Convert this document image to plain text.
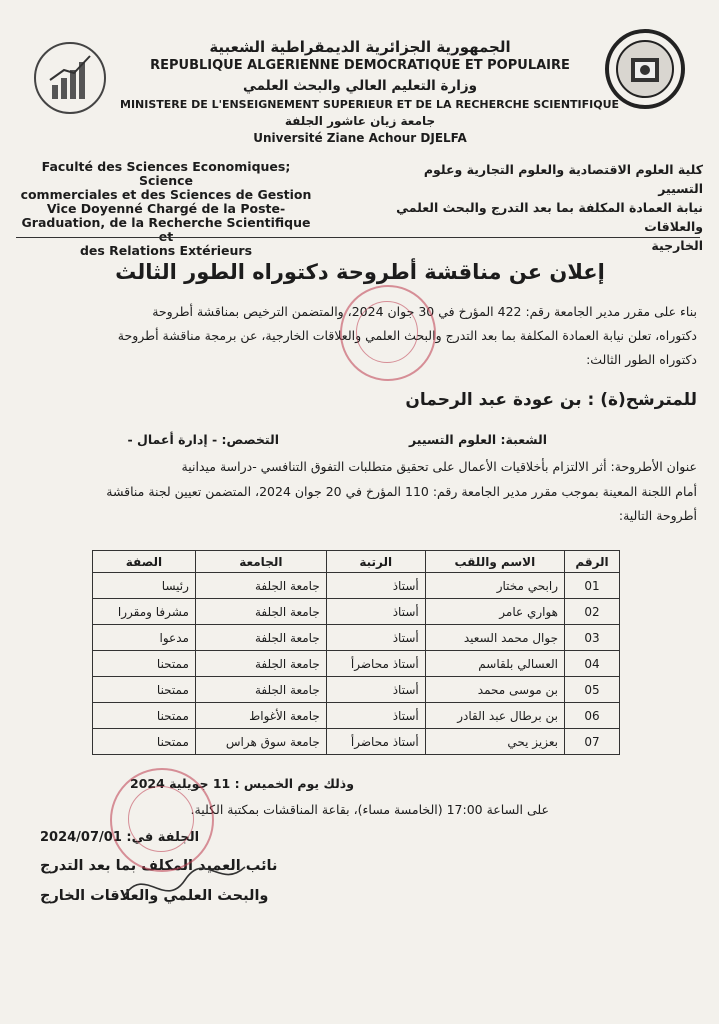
الجمهورية الجزائرية الديمقراطية الشعبية
REPUBLIQUE ALGERIENNE DEMOCRATIQUE ET POPULAIRE
وزارة التعليم العالي والبحث العلمي
MINISTERE DE L'ENSEIGNEMENT SUPERIEUR ET DE LA RECHERCHE SCIENTIFIQUE
جامعة زيان عاشور الجلفة
Université Ziane Achour DJELFA
Faculté des Sciences Economiques; Science
commerciales et des Sciences de Gestion
Vice Doyenné Chargé de la Poste-
Graduation, de la Recherche Scientifique et
des Relations Extérieurs
كلية العلوم الاقتصادية والعلوم التجارية وعلوم التسيير
نيابة العمادة المكلفة بما بعد التدرج والبحث العلمي والعلاقات
الخارجية
إعلان عن مناقشة أطروحة دكتوراه الطور الثالث
بناء على مقرر مدير الجامعة رقم: 422 المؤرخ في 30 جوان 2024، والمتضمن الترخيص بمناقشة أطروحة
دكتوراه، تعلن نيابة العمادة المكلفة بما بعد التدرج والبحث العلمي والعلاقات الخارجية، عن برمجة مناقشة أطروحة
دكتوراه الطور الثالث:
للمترشح(ة) : بن عودة عبد الرحمان
الشعبة: العلوم التسيير
التخصص: - إدارة أعمال -
عنوان الأطروحة: أثر الالتزام بأخلاقيات الأعمال على تحقيق متطلبات التفوق التنافسي -دراسة ميدانية
أمام اللجنة المعينة بموجب مقرر مدير الجامعة رقم: 110 المؤرخ في 20 جوان 2024، المتضمن تعيين لجنة مناقشة
أطروحة التالية:
الرقم	الاسم واللقب	الرتبة	الجامعة	الصفة
01	رابحي مختار	أستاذ	جامعة الجلفة	رئيسا
02	هواري عامر	أستاذ	جامعة الجلفة	مشرفا ومقررا
03	جوال محمد السعيد	أستاذ	جامعة الجلفة	مدعوا
04	العسالي بلقاسم	أستاذ محاضرأ	جامعة الجلفة	ممتحنا
05	بن موسى محمد	أستاذ	جامعة الجلفة	ممتحنا
06	بن برطال عبد القادر	أستاذ	جامعة الأغواط	ممتحنا
07	بعزيز يحي	أستاذ محاضرأ	جامعة سوق هراس	ممتحنا
وذلك يوم الخميس : 11 جويلية 2024
على الساعة 17:00 (الخامسة مساء)، بقاعة المناقشات بمكتبة الكلية.
الجلفة في: 2024/07/01
نائب العميد المكلف بما بعد التدرج
والبحث العلمي والعلاقات الخارج
